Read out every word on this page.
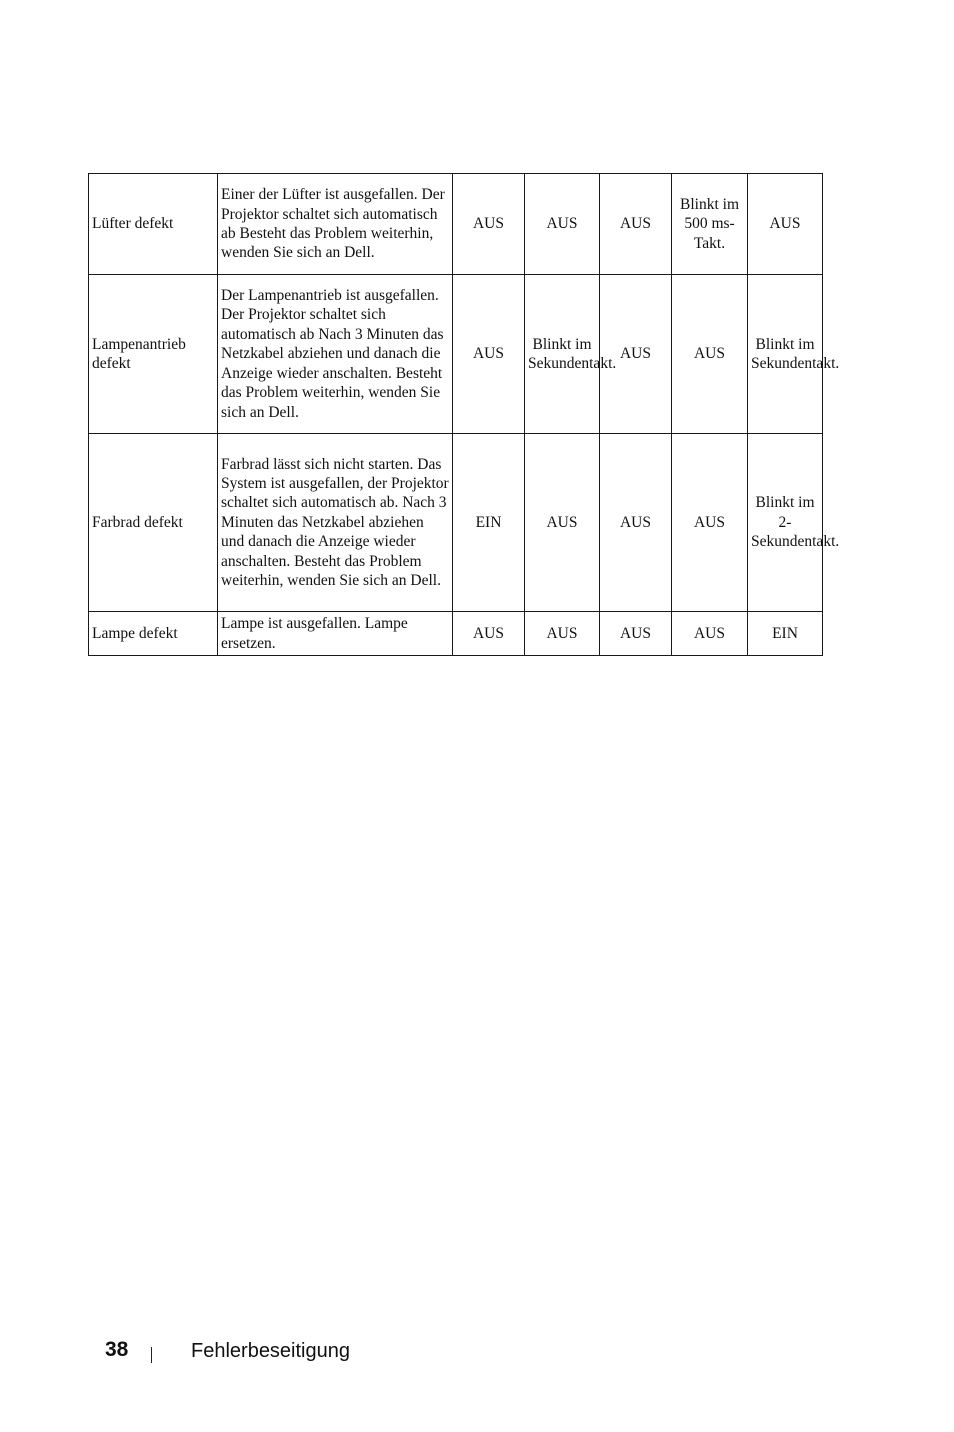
Lüfter defekt	Einer der Lüfter ist ausgefallen. Der Projektor schaltet sich automatisch ab Besteht das Problem weiterhin, wenden Sie sich an Dell.	AUS	AUS	AUS	Blinkt im 500 ms-Takt.	AUS
Lampenantrieb defekt	Der Lampenantrieb ist ausgefallen. Der Projektor schaltet sich automatisch ab Nach 3 Minuten das Netzkabel abziehen und danach die Anzeige wieder anschalten. Besteht das Problem weiterhin, wenden Sie sich an Dell.	AUS	Blinkt im Sekundentakt.	AUS	AUS	Blinkt im Sekundentakt.
Farbrad defekt	Farbrad lässt sich nicht starten. Das System ist ausgefallen, der Projektor schaltet sich automatisch ab. Nach 3 Minuten das Netzkabel abziehen und danach die Anzeige wieder anschalten. Besteht das Problem weiterhin, wenden Sie sich an Dell.	EIN	AUS	AUS	AUS	Blinkt im 2-Sekundentakt.
Lampe defekt	Lampe ist ausgefallen. Lampe ersetzen.	AUS	AUS	AUS	AUS	EIN
38	Fehlerbeseitigung
